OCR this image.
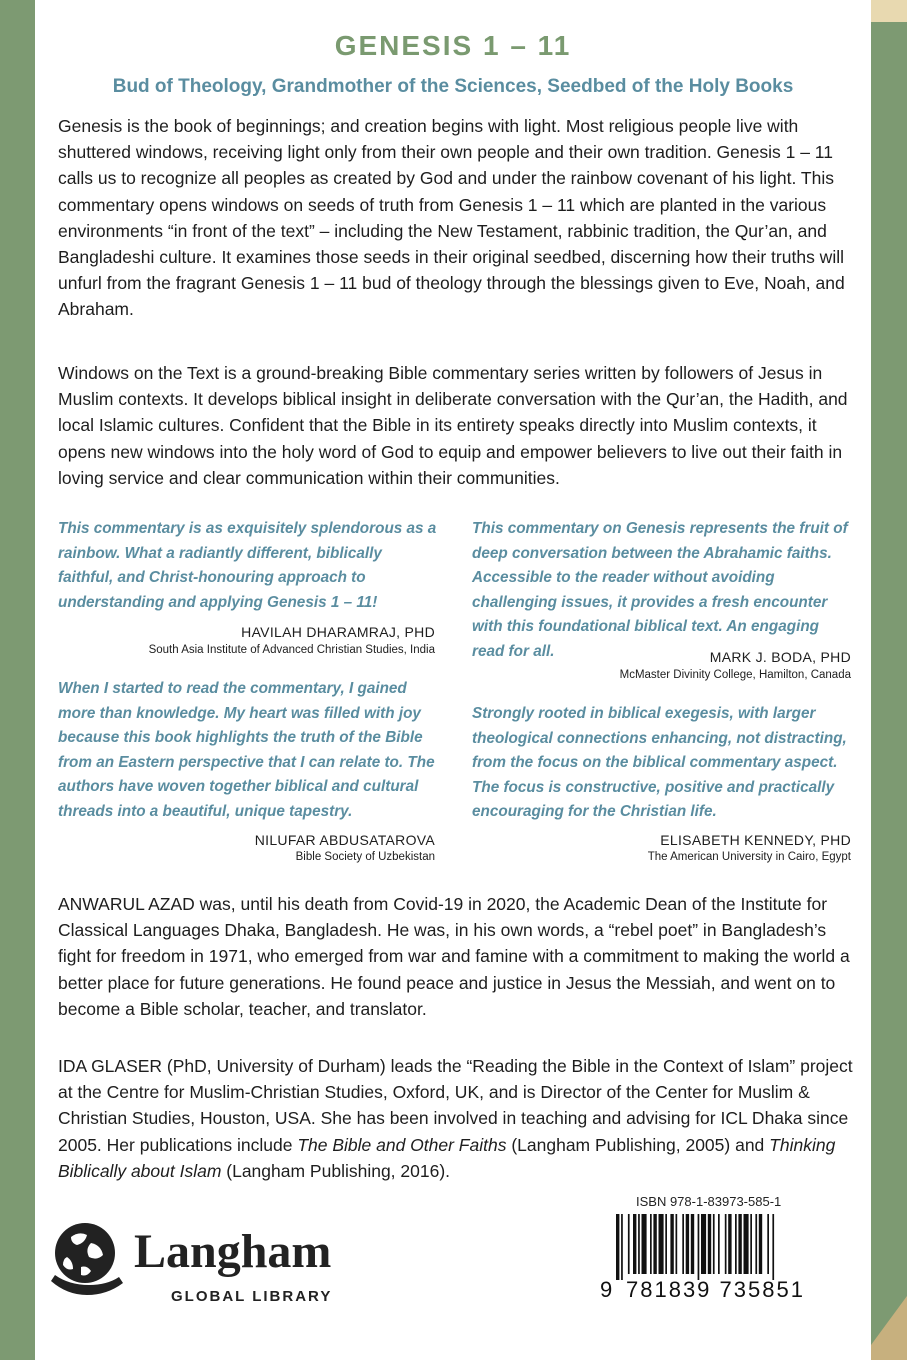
GENESIS 1 – 11
Bud of Theology, Grandmother of the Sciences, Seedbed of the Holy Books

Genesis is the book of beginnings; and creation begins with light. Most religious people live with shuttered windows, receiving light only from their own people and their own tradition. Genesis 1 – 11 calls us to recognize all peoples as created by God and under the rainbow covenant of his light. This commentary opens windows on seeds of truth from Genesis 1 – 11 which are planted in the various environments “in front of the text” – including the New Testament, rabbinic tradition, the Qur’an, and Bangladeshi culture. It examines those seeds in their original seedbed, discerning how their truths will unfurl from the fragrant Genesis 1 – 11 bud of theology through the blessings given to Eve, Noah, and Abraham.

Windows on the Text is a ground-breaking Bible commentary series written by followers of Jesus in Muslim contexts. It develops biblical insight in deliberate conversation with the Qur’an, the Hadith, and local Islamic cultures. Confident that the Bible in its entirety speaks directly into Muslim contexts, it opens new windows into the holy word of God to equip and empower believers to live out their faith in loving service and clear communication within their communities.

This commentary is as exquisitely splendorous as a rainbow. What a radiantly different, biblically faithful, and Christ-honouring approach to understanding and applying Genesis 1 – 11!

HAVILAH DHARAMRAJ, PHD
South Asia Institute of Advanced Christian Studies, India

This commentary on Genesis represents the fruit of deep conversation between the Abrahamic faiths. Accessible to the reader without avoiding challenging issues, it provides a fresh encounter with this foundational biblical text. An engaging read for all.	MARK J. BODA, PHD
McMaster Divinity College, Hamilton, Canada

When I started to read the commentary, I gained more than knowledge. My heart was filled with joy because this book highlights the truth of the Bible from an Eastern perspective that I can relate to. The authors have woven together biblical and cultural threads into a beautiful, unique tapestry.

NILUFAR ABDUSATAROVA
Bible Society of Uzbekistan

Strongly rooted in biblical exegesis, with larger theological connections enhancing, not distracting, from the focus on the biblical commentary aspect. The focus is constructive, positive and practically encouraging for the Christian life.

ELISABETH KENNEDY, PHD
The American University in Cairo, Egypt

ANWARUL AZAD was, until his death from Covid-19 in 2020, the Academic Dean of the Institute for Classical Languages Dhaka, Bangladesh. He was, in his own words, a “rebel poet” in Bangladesh’s fight for freedom in 1971, who emerged from war and famine with a commitment to making the world a better place for future generations. He found peace and justice in Jesus the Messiah, and went on to become a Bible scholar, teacher, and translator.

IDA GLASER (PhD, University of Durham) leads the “Reading the Bible in the Context of Islam” project at the Centre for Muslim-Christian Studies, Oxford, UK, and is Director of the Center for Muslim & Christian Studies, Houston, USA. She has been involved in teaching and advising for ICL Dhaka since 2005. Her publications include The Bible and Other Faiths (Langham Publishing, 2005) and Thinking Biblically about Islam (Langham Publishing, 2016).

Langham
GLOBAL LIBRARY
ISBN 978-1-83973-585-1
9 781839 735851
